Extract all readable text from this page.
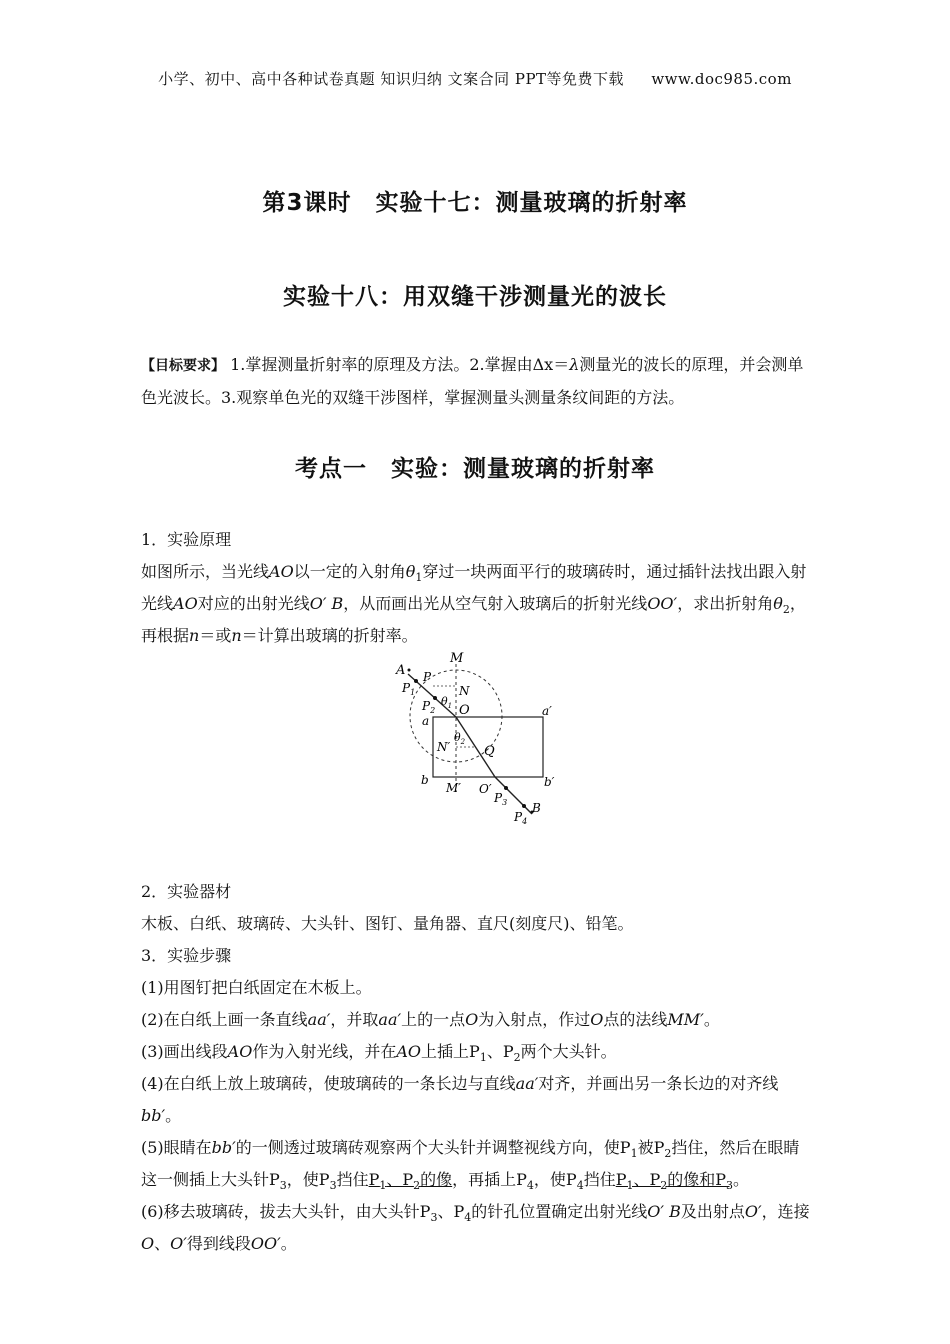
小学、初中、高中各种试卷真题 知识归纳 文案合同 PPT等免费下载 www.doc985.com
第3课时　实验十七：测量玻璃的折射率
实验十八：用双缝干涉测量光的波长
【目标要求】 1.掌握测量折射率的原理及方法。2.掌握由Δx＝λ测量光的波长的原理，并会测单色光波长。3.观察单色光的双缝干涉图样，掌握测量头测量条纹间距的方法。
考点一　实验：测量玻璃的折射率

1．实验原理

如图所示，当光线AO以一定的入射角$\theta_1$穿过一块两面平行的玻璃砖时，通过插针法找出跟入射光线AO对应的出射光线O′ B，从而画出光从空气射入玻璃后的折射光线OO′，求出折射角$\theta_2$，再根据n＝或n＝计算出玻璃的折射率。

2．实验器材

木板、白纸、玻璃砖、大头针、图钉、量角器、直尺(刻度尺)、铅笔。

3．实验步骤

(1)用图钉把白纸固定在木板上。

(2)在白纸上画一条直线aa′，并取aa′上的一点O为入射点，作过O点的法线MM′。

(3)画出线段AO作为入射光线，并在AO上插上$P_1$、$P_2$两个大头针。

(4)在白纸上放上玻璃砖，使玻璃砖的一条长边与直线aa′对齐，并画出另一条长边的对齐线bb′。

(5)眼睛在bb′的一侧透过玻璃砖观察两个大头针并调整视线方向，使$P_1$被$P_2$挡住，然后在眼睛这一侧插上大头针$P_3$，使$P_3$挡住$P_1$、$P_2$的像，再插上$P_4$，使$P_4$挡住$P_1$、$P_2$的像和$P_3$。

(6)移去玻璃砖，拔去大头针，由大头针$P_3$、$P_4$的针孔位置确定出射光线O′ B及出射点O′，连接O、O′得到线段OO′。

A
M
$P_1$
P
N
$\theta_1$
$P_2$ O
a
a′
$\theta_2$
N′	Q
b	b′
M′ O′
$P_3$ B
$P_4$
